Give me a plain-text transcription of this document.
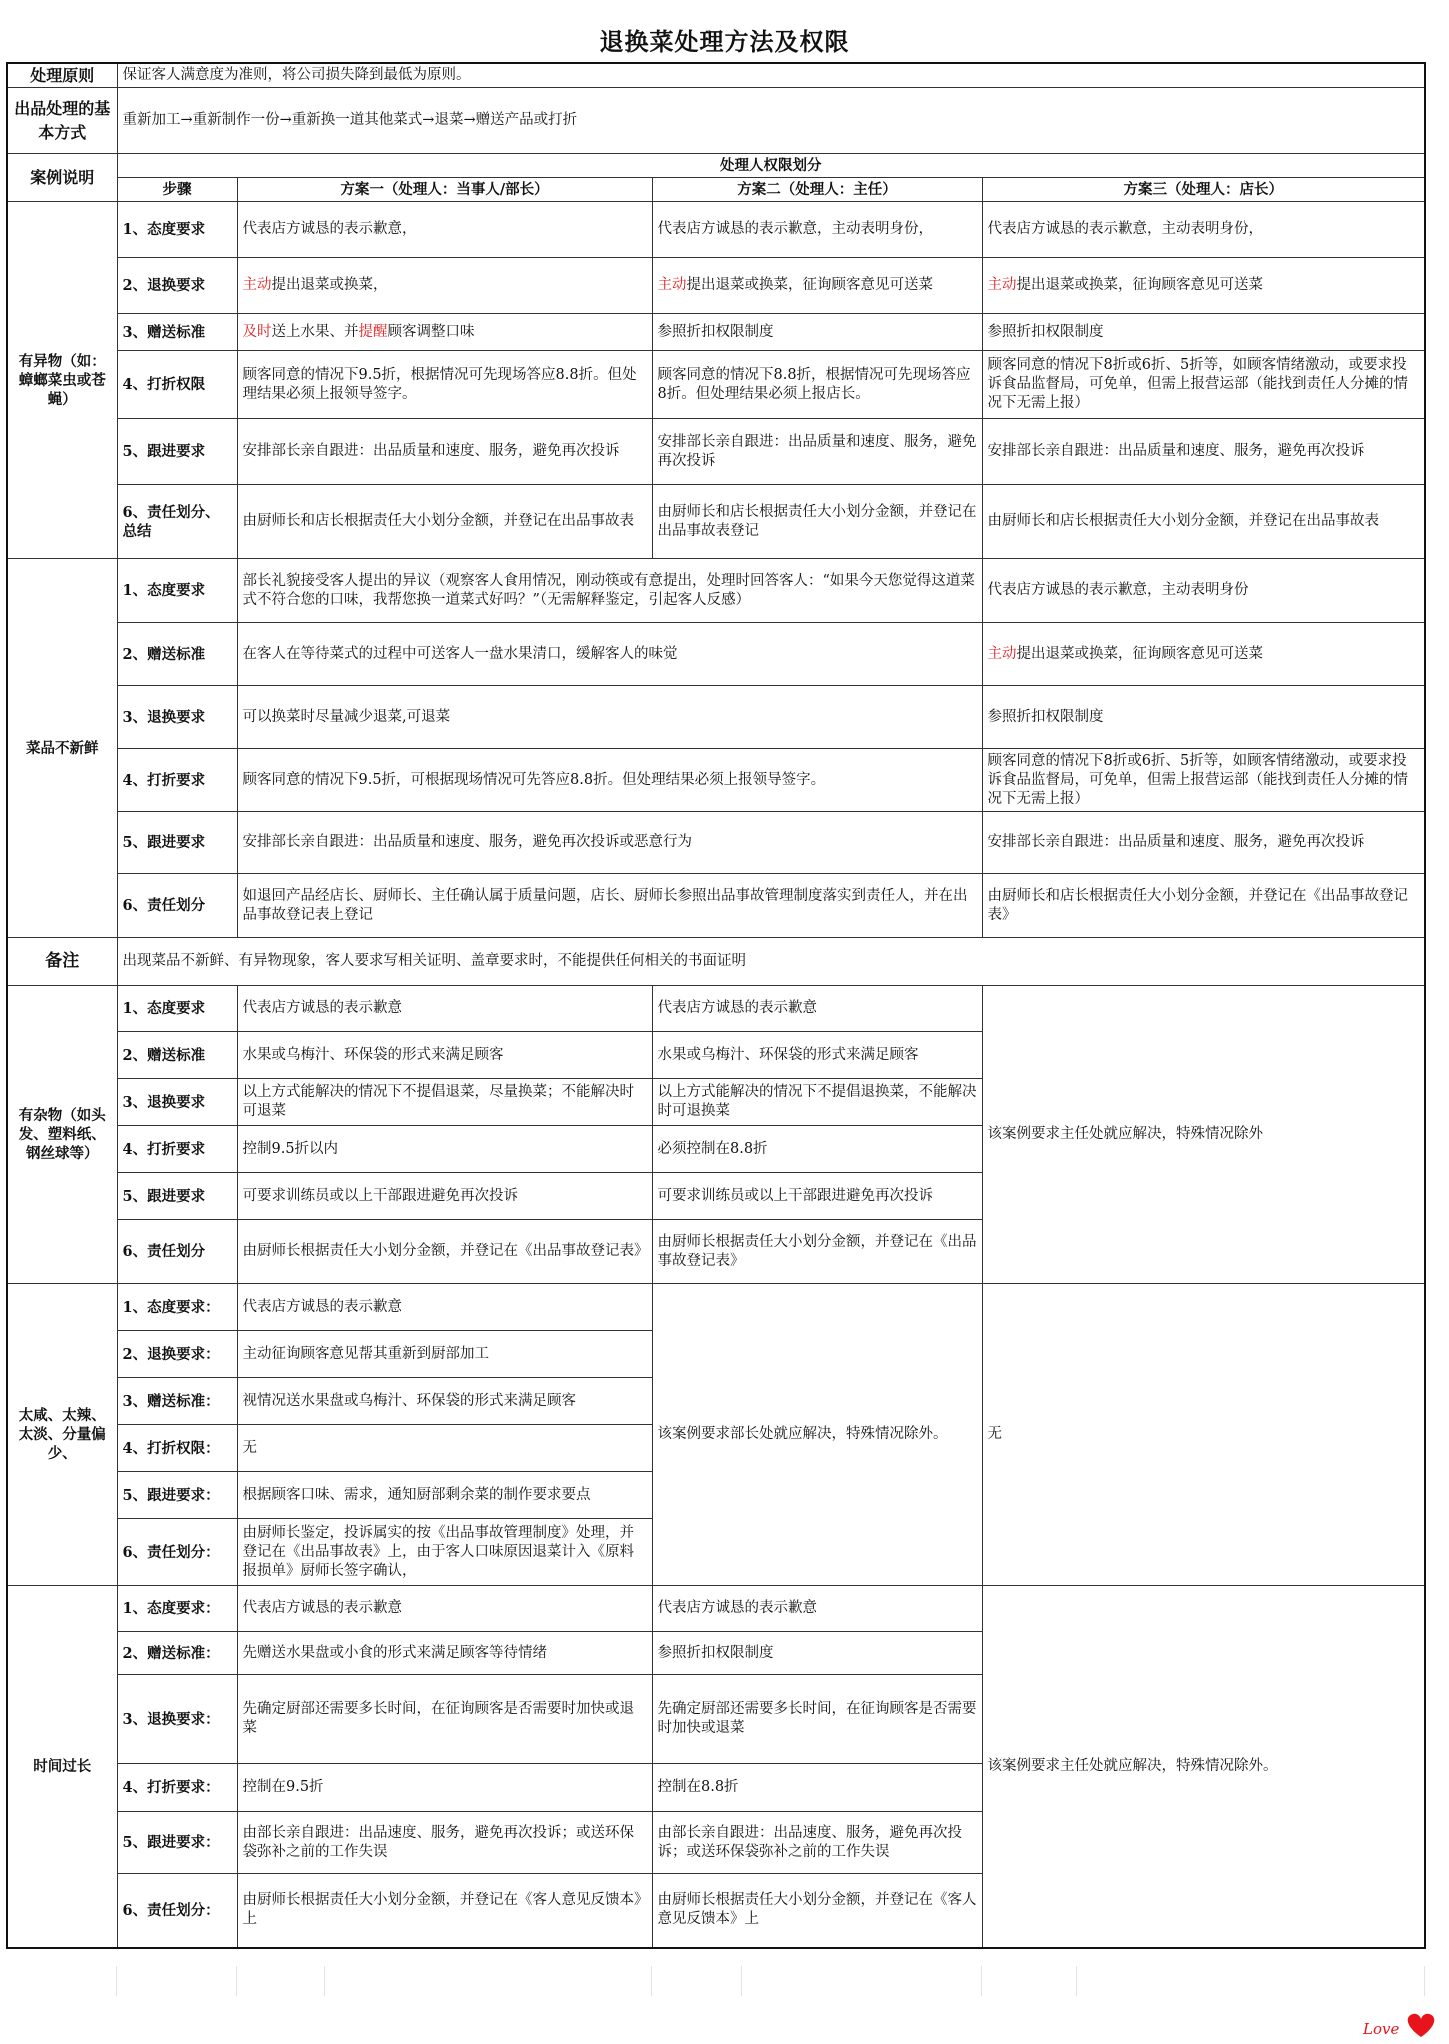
退换菜处理方法及权限
处理原则	保证客人满意度为准则，将公司损失降到最低为原则。			
出品处理的基本方式	重新加工→重新制作一份→重新换一道其他菜式→退菜→赠送产品或打折			
案例说明	处理人权限划分			
	步骤	方案一（处理人：当事人/部长）	方案二（处理人：主任）	方案三（处理人：店长）
有异物（如：蟑螂菜虫或苍蝇）	1、态度要求	代表店方诚恳的表示歉意，	代表店方诚恳的表示歉意，主动表明身份，	代表店方诚恳的表示歉意，主动表明身份，
	2、退换要求	主动提出退菜或换菜，	主动提出退菜或换菜，征询顾客意见可送菜	主动提出退菜或换菜，征询顾客意见可送菜
	3、赠送标准	及时送上水果、并提醒顾客调整口味	参照折扣权限制度	参照折扣权限制度
	4、打折权限	顾客同意的情况下9.5折，根据情况可先现场答应8.8折。但处理结果必须上报领导签字。	顾客同意的情况下8.8折，根据情况可先现场答应8折。但处理结果必须上报店长。	顾客同意的情况下8折或6折、5折等，如顾客情绪激动，或要求投诉食品监督局，可免单，但需上报营运部（能找到责任人分摊的情况下无需上报）
	5、跟进要求	安排部长亲自跟进：出品质量和速度、服务，避免再次投诉	安排部长亲自跟进：出品质量和速度、服务，避免再次投诉	安排部长亲自跟进：出品质量和速度、服务，避免再次投诉
	6、责任划分、总结	由厨师长和店长根据责任大小划分金额，并登记在出品事故表	由厨师长和店长根据责任大小划分金额，并登记在出品事故表登记	由厨师长和店长根据责任大小划分金额，并登记在出品事故表
菜品不新鲜	1、态度要求	部长礼貌接受客人提出的异议（观察客人食用情况，刚动筷或有意提出，处理时回答客人：“如果今天您觉得这道菜式不符合您的口味，我帮您换一道菜式好吗？”（无需解释鉴定，引起客人反感）		代表店方诚恳的表示歉意，主动表明身份
	2、赠送标准	在客人在等待菜式的过程中可送客人一盘水果清口，缓解客人的味觉		主动提出退菜或换菜，征询顾客意见可送菜
	3、退换要求	可以换菜时尽量减少退菜,可退菜		参照折扣权限制度
	4、打折要求	顾客同意的情况下9.5折，可根据现场情况可先答应8.8折。但处理结果必须上报领导签字。		顾客同意的情况下8折或6折、5折等，如顾客情绪激动，或要求投诉食品监督局，可免单，但需上报营运部（能找到责任人分摊的情况下无需上报）
	5、跟进要求	安排部长亲自跟进：出品质量和速度、服务，避免再次投诉或恶意行为		安排部长亲自跟进：出品质量和速度、服务，避免再次投诉
	6、责任划分	如退回产品经店长、厨师长、主任确认属于质量问题，店长、厨师长参照出品事故管理制度落实到责任人，并在出品事故登记表上登记		由厨师长和店长根据责任大小划分金额，并登记在《出品事故登记表》
备注	出现菜品不新鲜、有异物现象，客人要求写相关证明、盖章要求时，不能提供任何相关的书面证明			
有杂物（如头发、塑料纸、钢丝球等）	1、态度要求	代表店方诚恳的表示歉意	代表店方诚恳的表示歉意	该案例要求主任处就应解决，特殊情况除外
	2、赠送标准	水果或乌梅汁、环保袋的形式来满足顾客	水果或乌梅汁、环保袋的形式来满足顾客	
	3、退换要求	以上方式能解决的情况下不提倡退菜，尽量换菜；不能解决时可退菜	以上方式能解决的情况下不提倡退换菜，不能解决时可退换菜	
	4、打折要求	控制9.5折以内	必须控制在8.8折	
	5、跟进要求	可要求训练员或以上干部跟进避免再次投诉	可要求训练员或以上干部跟进避免再次投诉	
	6、责任划分	由厨师长根据责任大小划分金额，并登记在《出品事故登记表》	由厨师长根据责任大小划分金额，并登记在《出品事故登记表》	
太咸、太辣、太淡、分量偏少、	1、态度要求：	代表店方诚恳的表示歉意	该案例要求部长处就应解决，特殊情况除外。	无
	2、退换要求：	主动征询顾客意见帮其重新到厨部加工		
	3、赠送标准：	视情况送水果盘或乌梅汁、环保袋的形式来满足顾客		
	4、打折权限：	无		
	5、跟进要求：	根据顾客口味、需求，通知厨部剩余菜的制作要求要点		
	6、责任划分：	由厨师长鉴定，投诉属实的按《出品事故管理制度》处理，并登记在《出品事故表》上，由于客人口味原因退菜计入《原料报损单》厨师长签字确认，		
时间过长	1、态度要求：	代表店方诚恳的表示歉意	代表店方诚恳的表示歉意	该案例要求主任处就应解决，特殊情况除外。
	2、赠送标准：	先赠送水果盘或小食的形式来满足顾客等待情绪	参照折扣权限制度	
	3、退换要求：	先确定厨部还需要多长时间，在征询顾客是否需要时加快或退菜	先确定厨部还需要多长时间，在征询顾客是否需要时加快或退菜	
	4、打折要求：	控制在9.5折	控制在8.8折	
	5、跟进要求：	由部长亲自跟进：出品速度、服务，避免再次投诉；或送环保袋弥补之前的工作失误	由部长亲自跟进：出品速度、服务，避免再次投诉；或送环保袋弥补之前的工作失误	
	6、责任划分：	由厨师长根据责任大小划分金额，并登记在《客人意见反馈本》上	由厨师长根据责任大小划分金额，并登记在《客人意见反馈本》上	
Love
